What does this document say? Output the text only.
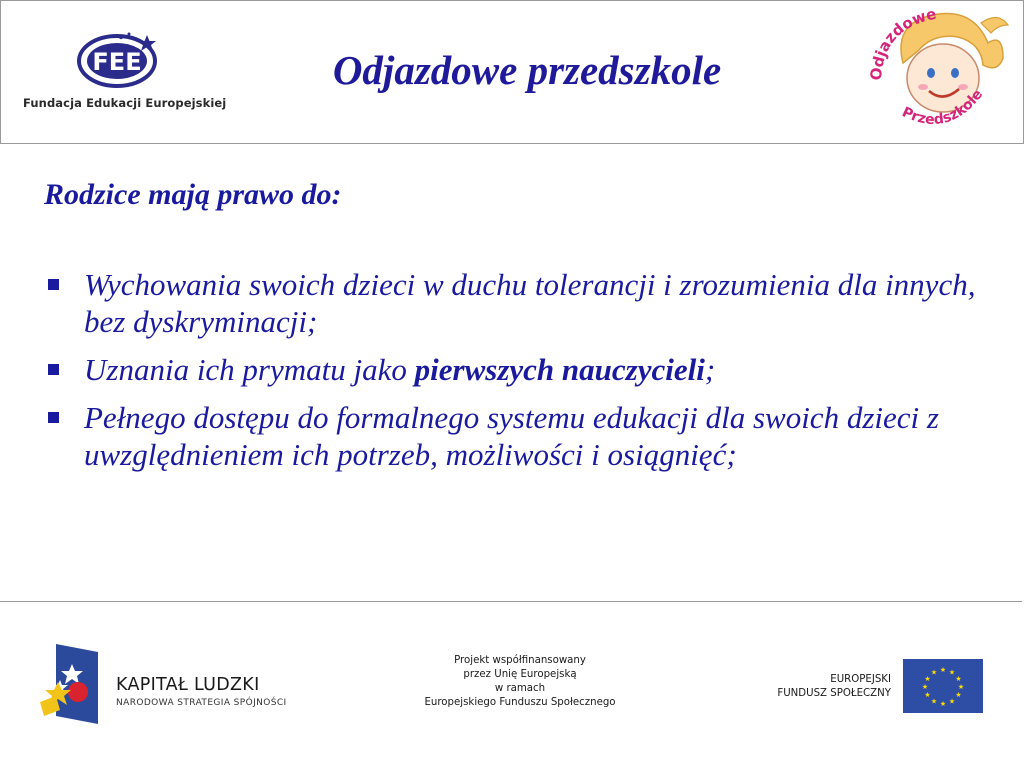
FEE
Fundacja Edukacji Europejskiej
Odjazdowe przedszkole	Odjazdowe
Przedszkole
Rodzice mają prawo do:
Wychowania swoich dzieci w duchu tolerancji i zrozumienia dla innych, bez dyskryminacji;
Uznania ich prymatu jako pierwszych nauczycieli;
Pełnego dostępu do formalnego systemu edukacji dla swoich dzieci z uwzględnieniem ich potrzeb, możliwości i osiągnięć;
KAPITAŁ LUDZKI
NARODOWA STRATEGIA SPÓJNOŚCI
Projekt współfinansowany
przez Unię Europejską
w ramach
Europejskiego Funduszu Społecznego
EUROPEJSKI
FUNDUSZ SPOŁECZNY
★ ★
★
★
★
★
★
★
★
★
★
★
